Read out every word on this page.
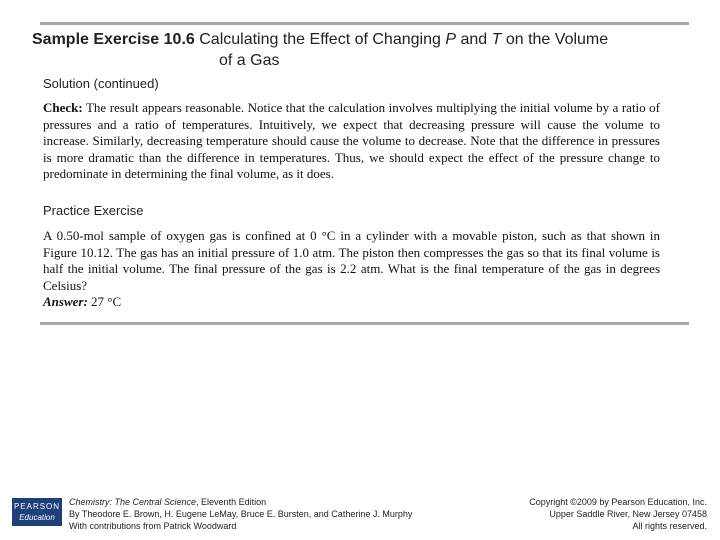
Sample Exercise 10.6 Calculating the Effect of Changing P and T on the Volume
of a Gas
Solution (continued)
Check: The result appears reasonable. Notice that the calculation involves multiplying the initial volume by a ratio of pressures and a ratio of temperatures. Intuitively, we expect that decreasing pressure will cause the volume to increase. Similarly, decreasing temperature should cause the volume to decrease. Note that the difference in pressures is more dramatic than the difference in temperatures. Thus, we should expect the effect of the pressure change to predominate in determining the final volume, as it does.
Practice Exercise
A 0.50-mol sample of oxygen gas is confined at 0 °C in a cylinder with a movable piston, such as that shown in Figure 10.12. The gas has an initial pressure of 1.0 atm. The piston then compresses the gas so that its final volume is half the initial volume. The final pressure of the gas is 2.2 atm. What is the final temperature of the gas in degrees Celsius?
Answer: 27 °C
PEARSON
Education
Chemistry: The Central Science, Eleventh Edition
By Theodore E. Brown, H. Eugene LeMay, Bruce E. Bursten, and Catherine J. Murphy
With contributions from Patrick Woodward
Copyright ©2009 by Pearson Education, Inc.
Upper Saddle River, New Jersey 07458
All rights reserved.
